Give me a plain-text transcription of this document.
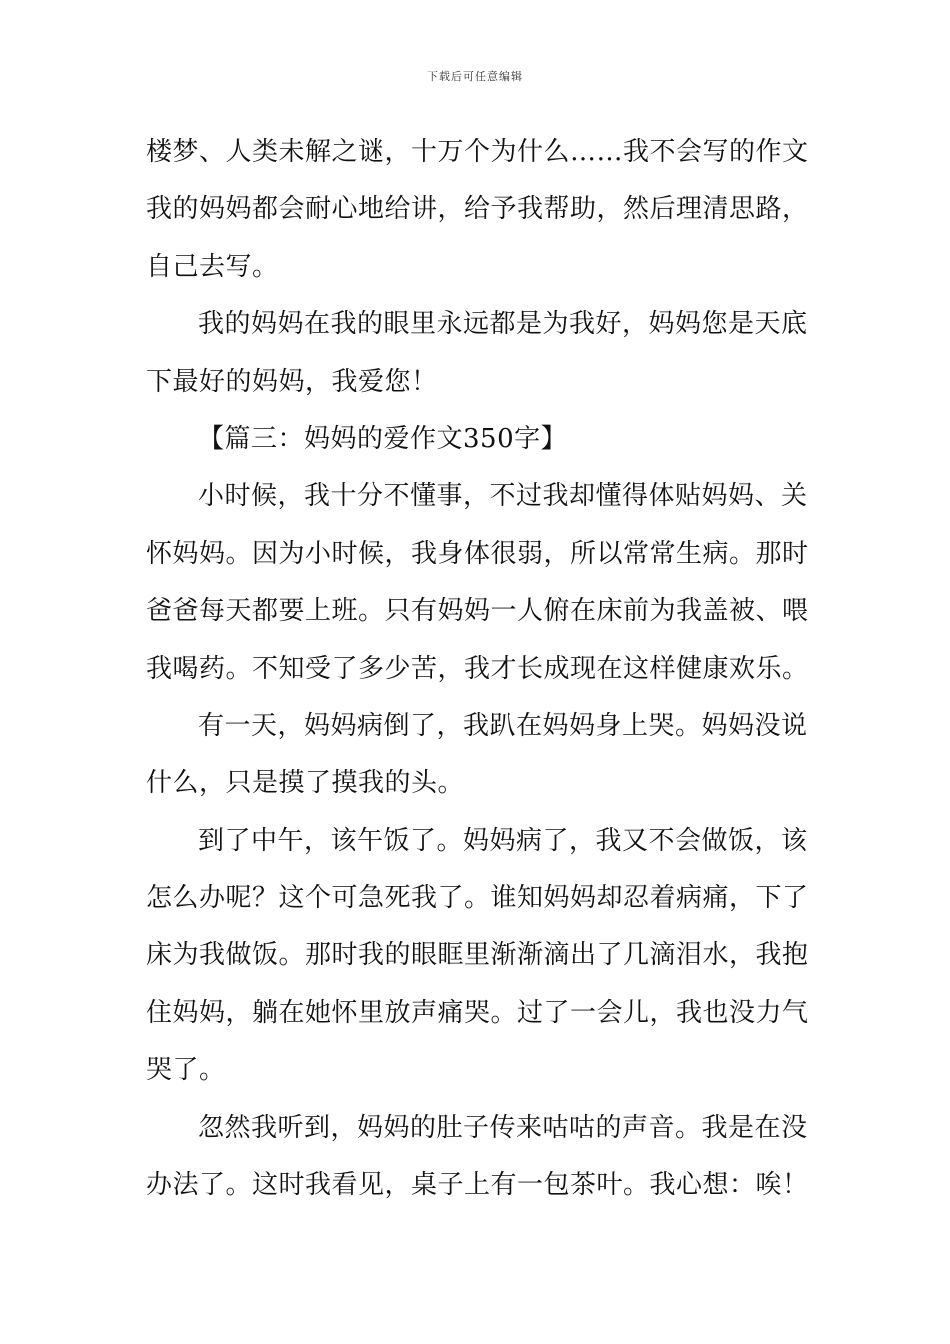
下载后可任意编辑
楼梦、人类未解之谜，十万个为什么……我不会写的作文
我的妈妈都会耐心地给讲，给予我帮助，然后理清思路，
自己去写。
我的妈妈在我的眼里永远都是为我好，妈妈您是天底
下最好的妈妈，我爱您！
【篇三：妈妈的爱作文350字】
小时候，我十分不懂事，不过我却懂得体贴妈妈、关
怀妈妈。因为小时候，我身体很弱，所以常常生病。那时
爸爸每天都要上班。只有妈妈一人俯在床前为我盖被、喂
我喝药。不知受了多少苦，我才长成现在这样健康欢乐。
有一天，妈妈病倒了，我趴在妈妈身上哭。妈妈没说
什么，只是摸了摸我的头。
到了中午，该午饭了。妈妈病了，我又不会做饭，该
怎么办呢？这个可急死我了。谁知妈妈却忍着病痛，下了
床为我做饭。那时我的眼眶里渐渐滴出了几滴泪水，我抱
住妈妈，躺在她怀里放声痛哭。过了一会儿，我也没力气
哭了。
忽然我听到，妈妈的肚子传来咕咕的声音。我是在没
办法了。这时我看见，桌子上有一包茶叶。我心想：唉！
